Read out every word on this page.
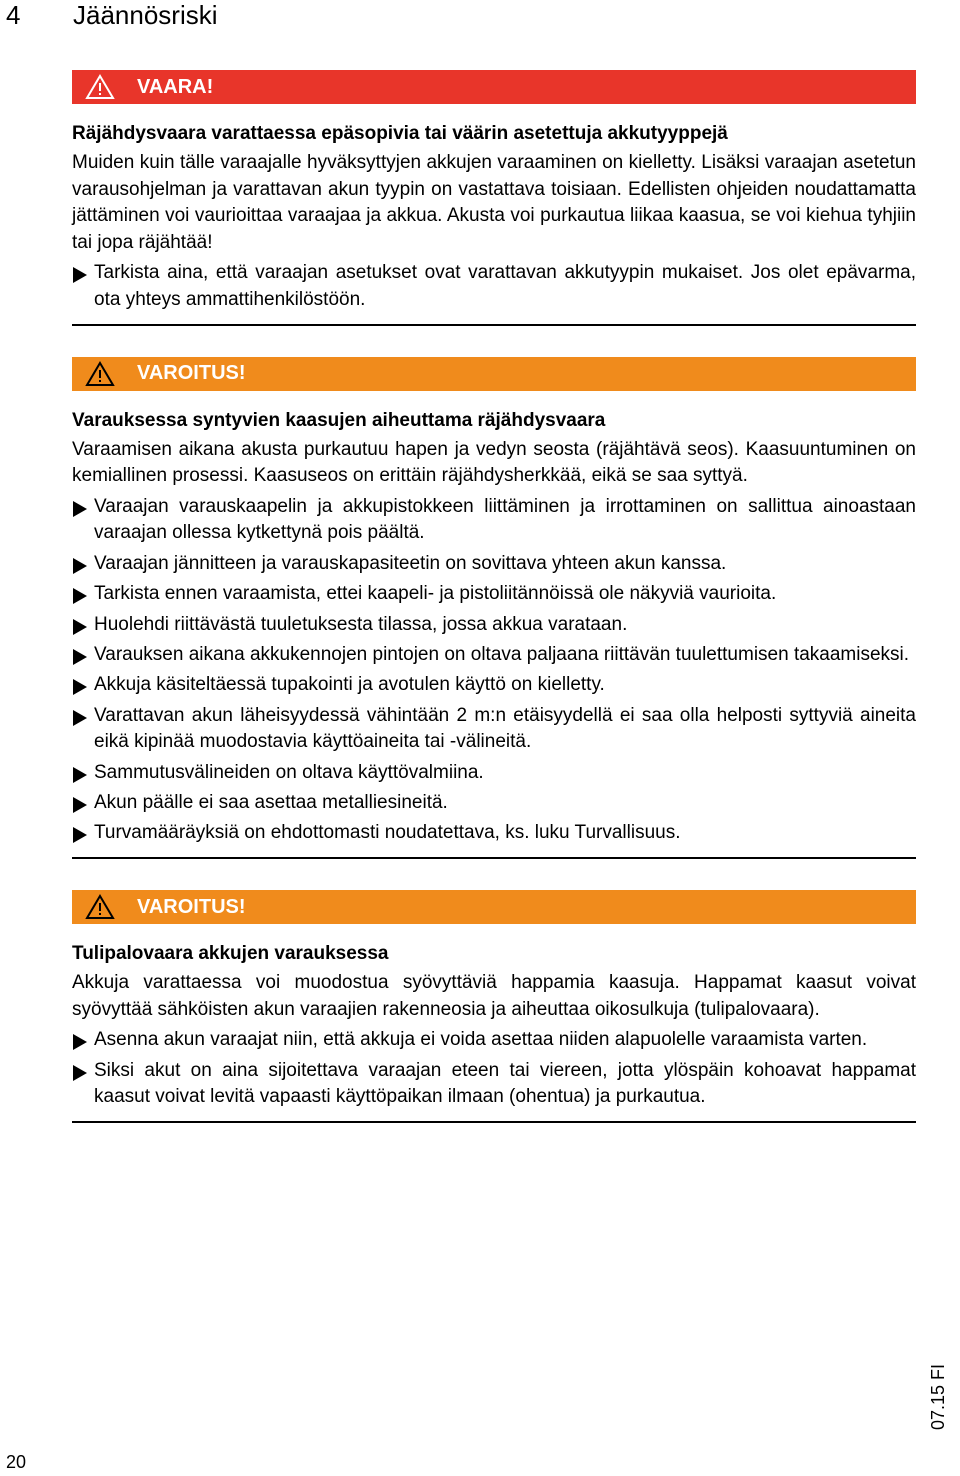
4 Jäännösriski
VAARA!

Räjähdysvaara varattaessa epäsopivia tai väärin asetettuja akkutyyppejä

Muiden kuin tälle varaajalle hyväksyttyjen akkujen varaaminen on kielletty. Lisäksi varaajan asetetun varausohjelman ja varattavan akun tyypin on vastattava toisiaan. Edellisten ohjeiden noudattamatta jättäminen voi vaurioittaa varaajaa ja akkua. Akusta voi purkautua liikaa kaasua, se voi kiehua tyhjiin tai jopa räjähtää!

Tarkista aina, että varaajan asetukset ovat varattavan akkutyypin mukaiset. Jos olet epävarma, ota yhteys ammattihenkilöstöön.
VAROITUS!

Varauksessa syntyvien kaasujen aiheuttama räjähdysvaara

Varaamisen aikana akusta purkautuu hapen ja vedyn seosta (räjähtävä seos). Kaasuuntuminen on kemiallinen prosessi. Kaasuseos on erittäin räjähdysherkkää, eikä se saa syttyä.

Varaajan varauskaapelin ja akkupistokkeen liittäminen ja irrottaminen on sallittua ainoastaan varaajan ollessa kytkettynä pois päältä.
Varaajan jännitteen ja varauskapasiteetin on sovittava yhteen akun kanssa.
Tarkista ennen varaamista, ettei kaapeli- ja pistoliitännöissä ole näkyviä vaurioita.
Huolehdi riittävästä tuuletuksesta tilassa, jossa akkua varataan.
Varauksen aikana akkukennojen pintojen on oltava paljaana riittävän tuulettumisen takaamiseksi.
Akkuja käsiteltäessä tupakointi ja avotulen käyttö on kielletty.
Varattavan akun läheisyydessä vähintään 2 m:n etäisyydellä ei saa olla helposti syttyviä aineita eikä kipinää muodostavia käyttöaineita tai -välineitä.
Sammutusvälineiden on oltava käyttövalmiina.
Akun päälle ei saa asettaa metalliesineitä.
Turvamääräyksiä on ehdottomasti noudatettava, ks. luku Turvallisuus.
VAROITUS!

Tulipalovaara akkujen varauksessa

Akkuja varattaessa voi muodostua syövyttäviä happamia kaasuja. Happamat kaasut voivat syövyttää sähköisten akun varaajien rakenneosia ja aiheuttaa oikosulkuja (tulipalovaara).

Asenna akun varaajat niin, että akkuja ei voida asettaa niiden alapuolelle varaamista varten.
Siksi akut on aina sijoitettava varaajan eteen tai viereen, jotta ylöspäin kohoavat happamat kaasut voivat levitä vapaasti käyttöpaikan ilmaan (ohentua) ja purkautua.
20
07.15 FI
